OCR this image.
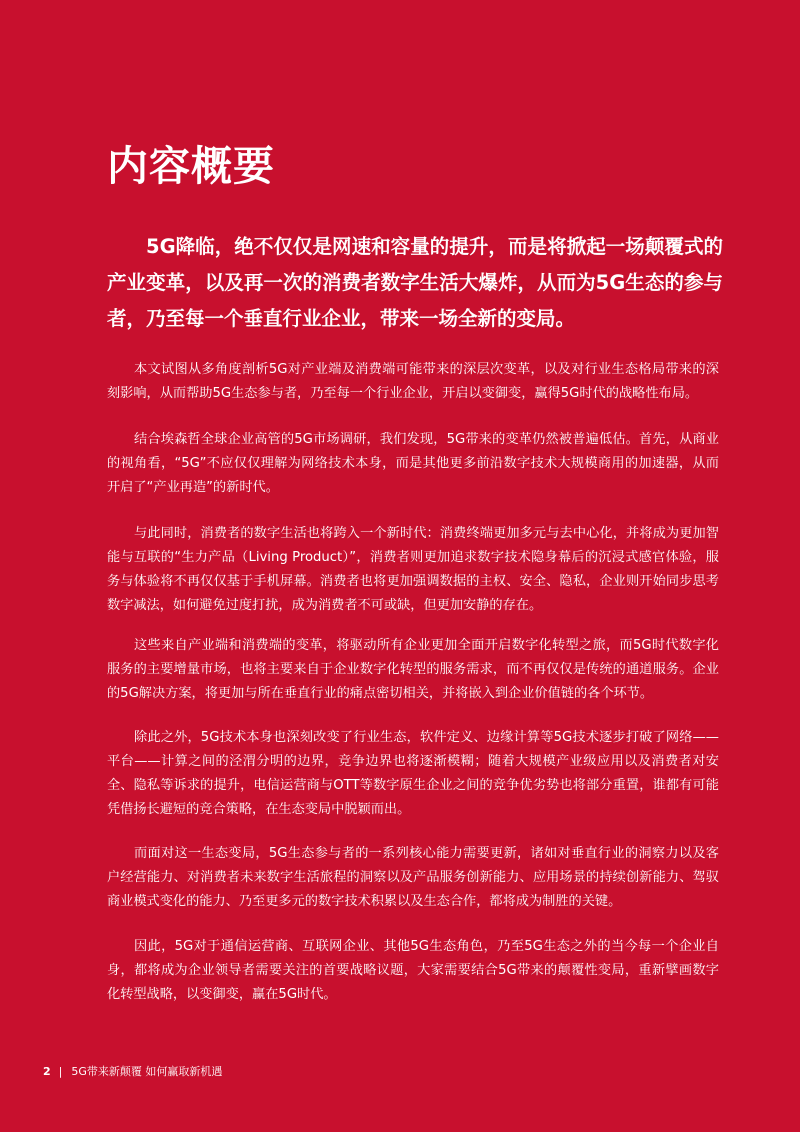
内容概要

5G降临，绝不仅仅是网速和容量的提升，而是将掀起一场颠覆式的产业变革，以及再一次的消费者数字生活大爆炸，从而为5G生态的参与者，乃至每一个垂直行业企业，带来一场全新的变局。

本文试图从多角度剖析5G对产业端及消费端可能带来的深层次变革，以及对行业生态格局带来的深刻影响，从而帮助5G生态参与者，乃至每一个行业企业，开启以变御变，赢得5G时代的战略性布局。

结合埃森哲全球企业高管的5G市场调研，我们发现，5G带来的变革仍然被普遍低估。首先，从商业的视角看，“5G”不应仅仅理解为网络技术本身，而是其他更多前沿数字技术大规模商用的加速器，从而开启了“产业再造”的新时代。

与此同时，消费者的数字生活也将跨入一个新时代：消费终端更加多元与去中心化，并将成为更加智能与互联的“生力产品（Living Product）”，消费者则更加追求数字技术隐身幕后的沉浸式感官体验，服务与体验将不再仅仅基于手机屏幕。消费者也将更加强调数据的主权、安全、隐私，企业则开始同步思考数字减法，如何避免过度打扰，成为消费者不可或缺，但更加安静的存在。

这些来自产业端和消费端的变革，将驱动所有企业更加全面开启数字化转型之旅，而5G时代数字化服务的主要增量市场，也将主要来自于企业数字化转型的服务需求，而不再仅仅是传统的通道服务。企业的5G解决方案，将更加与所在垂直行业的痛点密切相关，并将嵌入到企业价值链的各个环节。

除此之外，5G技术本身也深刻改变了行业生态，软件定义、边缘计算等5G技术逐步打破了网络——平台——计算之间的泾渭分明的边界，竞争边界也将逐渐模糊；随着大规模产业级应用以及消费者对安全、隐私等诉求的提升，电信运营商与OTT等数字原生企业之间的竞争优劣势也将部分重置，谁都有可能凭借扬长避短的竞合策略，在生态变局中脱颖而出。

而面对这一生态变局，5G生态参与者的一系列核心能力需要更新，诸如对垂直行业的洞察力以及客户经营能力、对消费者未来数字生活旅程的洞察以及产品服务创新能力、应用场景的持续创新能力、驾驭商业模式变化的能力、乃至更多元的数字技术积累以及生态合作，都将成为制胜的关键。

因此，5G对于通信运营商、互联网企业、其他5G生态角色，乃至5G生态之外的当今每一个企业自身，都将成为企业领导者需要关注的首要战略议题，大家需要结合5G带来的颠覆性变局，重新擘画数字化转型战略，以变御变，赢在5G时代。

2 | 5G带来新颠覆 如何赢取新机遇
